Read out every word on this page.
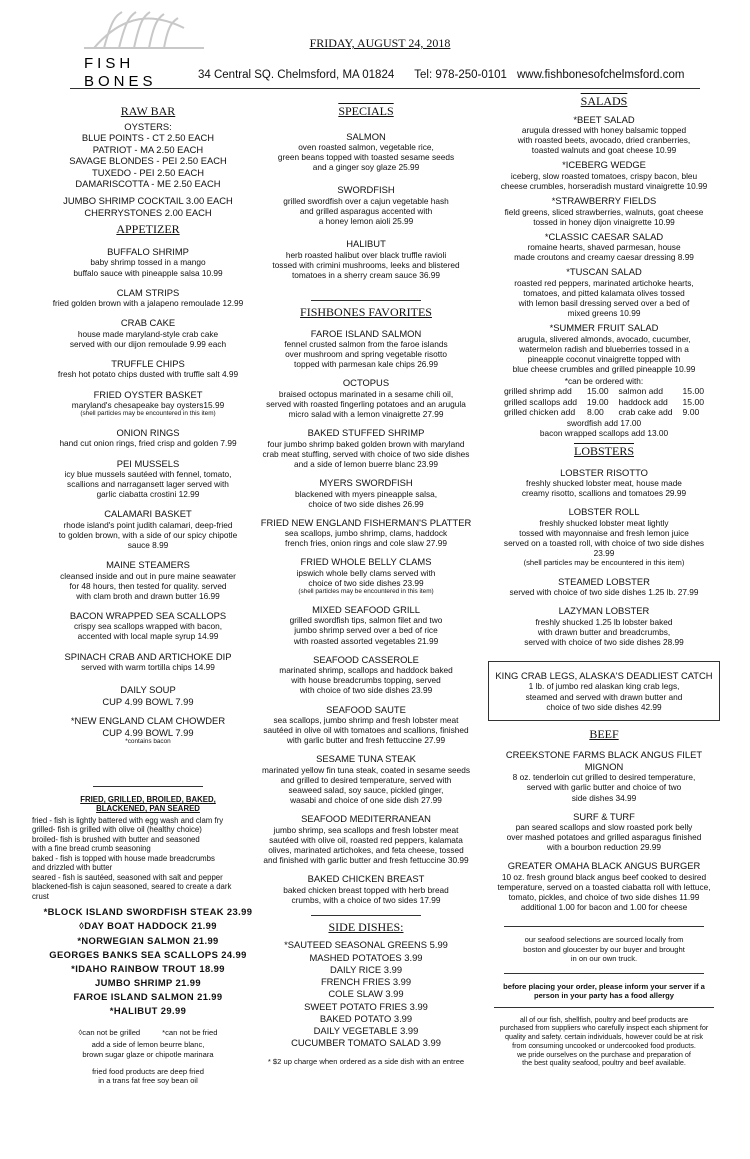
FISH
BONES
FRIDAY, AUGUST 24, 2018
34 Central SQ. Chelmsford, MA 01824 Tel: 978-250-0101 www.fishbonesofchelmsford.com
RAW BAR
OYSTERS:
BLUE POINTS - CT 2.50 EACH
PATRIOT - MA 2.50 EACH
SAVAGE BLONDES - PEI 2.50 EACH
TUXEDO - PEI 2.50 EACH
DAMARISCOTTA - ME 2.50 EACH
JUMBO SHRIMP COCKTAIL 3.00 EACH
CHERRYSTONES 2.00 EACH
APPETIZER
BUFFALO SHRIMP
baby shrimp tossed in a mango
buffalo sauce with pineapple salsa 10.99
CLAM STRIPS
fried golden brown with a jalapeno remoulade 12.99
CRAB CAKE
house made maryland-style crab cake
served with our dijon remoulade 9.99 each
TRUFFLE CHIPS
fresh hot potato chips dusted with truffle salt 4.99
FRIED OYSTER BASKET
maryland's chesapeake bay oysters15.99
(shell particles may be encountered in this item)
ONION RINGS
hand cut onion rings, fried crisp and golden 7.99
PEI MUSSELS
icy blue mussels sautéed with fennel, tomato,
scallions and narragansett lager served with
garlic ciabatta crostini 12.99
CALAMARI BASKET
rhode island's point judith calamari, deep-fried
to golden brown, with a side of our spicy chipotle
sauce 8.99
MAINE STEAMERS
cleansed inside and out in pure maine seawater
for 48 hours, then tested for quality. served
with clam broth and drawn butter 16.99
BACON WRAPPED SEA SCALLOPS
crispy sea scallops wrapped with bacon,
accented with local maple syrup 14.99
SPINACH CRAB AND ARTICHOKE DIP
served with warm tortilla chips 14.99
DAILY SOUP
CUP 4.99 BOWL 7.99
*NEW ENGLAND CLAM CHOWDER
CUP 4.99 BOWL 7.99
*contains bacon
FRIED, GRILLED, BROILED, BAKED,
BLACKENED, PAN SEARED
fried - fish is lightly battered with egg wash and clam fry
grilled- fish is grilled with olive oil (healthy choice)
broiled- fish is brushed with butter and seasoned
with a fine bread crumb seasoning
baked - fish is topped with house made breadcrumbs
and drizzled with butter
seared - fish is sautéed, seasoned with salt and pepper
blackened-fish is cajun seasoned, seared to create a dark
crust
*BLOCK ISLAND SWORDFISH STEAK 23.99
◊DAY BOAT HADDOCK 21.99
*NORWEGIAN SALMON 21.99
GEORGES BANKS SEA SCALLOPS 24.99
*IDAHO RAINBOW TROUT 18.99
JUMBO SHRIMP 21.99
FAROE ISLAND SALMON 21.99
*HALIBUT 29.99
◊can not be grilled	*can not be fried
add a side of lemon beurre blanc,
brown sugar glaze or chipotle marinara
fried food products are deep fried
in a trans fat free soy bean oil
SPECIALS
SALMON
oven roasted salmon, vegetable rice,
green beans topped with toasted sesame seeds
and a ginger soy glaze 25.99
SWORDFISH
grilled swordfish over a cajun vegetable hash
and grilled asparagus accented with
a honey lemon aioli 25.99
HALIBUT
herb roasted halibut over black truffle ravioli
tossed with crimini mushrooms, leeks and blistered
tomatoes in a sherry cream sauce 36.99
FISHBONES FAVORITES
FAROE ISLAND SALMON
fennel crusted salmon from the faroe islands
over mushroom and spring vegetable risotto
topped with parmesan kale chips 26.99
OCTOPUS
braised octopus marinated in a sesame chili oil,
served with roasted fingerling potatoes and an arugula
micro salad with a lemon vinaigrette 27.99
BAKED STUFFED SHRIMP
four jumbo shrimp baked golden brown with maryland
crab meat stuffing, served with choice of two side dishes
and a side of lemon buerre blanc 23.99
MYERS SWORDFISH
blackened with myers pineapple salsa,
choice of two side dishes 26.99
FRIED NEW ENGLAND FISHERMAN'S PLATTER
sea scallops, jumbo shrimp, clams, haddock
french fries, onion rings and cole slaw 27.99
FRIED WHOLE BELLY CLAMS
ipswich whole belly clams served with
choice of two side dishes 23.99
(shell particles may be encountered in this item)
MIXED SEAFOOD GRILL
grilled swordfish tips, salmon filet and two
jumbo shrimp served over a bed of rice
with roasted assorted vegetables 21.99
SEAFOOD CASSEROLE
marinated shrimp, scallops and haddock baked
with house breadcrumbs topping, served
with choice of two side dishes 23.99
SEAFOOD SAUTE
sea scallops, jumbo shrimp and fresh lobster meat
sautéed in olive oil with tomatoes and scallions, finished
with garlic butter and fresh fettuccine 27.99
SESAME TUNA STEAK
marinated yellow fin tuna steak, coated in sesame seeds
and grilled to desired temperature, served with
seaweed salad, soy sauce, pickled ginger,
wasabi and choice of one side dish 27.99
SEAFOOD MEDITERRANEAN
jumbo shrimp, sea scallops and fresh lobster meat
sautéed with olive oil, roasted red peppers, kalamata
olives, marinated artichokes, and feta cheese, tossed
and finished with garlic butter and fresh fettuccine 30.99
BAKED CHICKEN BREAST
baked chicken breast topped with herb bread
crumbs, with a choice of two sides 17.99
SIDE DISHES:
*SAUTEED SEASONAL GREENS 5.99
MASHED POTATOES 3.99
DAILY RICE 3.99
FRENCH FRIES 3.99
COLE SLAW 3.99
SWEET POTATO FRIES 3.99
BAKED POTATO 3.99
DAILY VEGETABLE 3.99
CUCUMBER TOMATO SALAD 3.99
* $2 up charge when ordered as a side dish with an entree
SALADS
*BEET SALAD
arugula dressed with honey balsamic topped
with roasted beets, avocado, dried cranberries,
toasted walnuts and goat cheese 10.99
*ICEBERG WEDGE
iceberg, slow roasted tomatoes, crispy bacon, bleu
cheese crumbles, horseradish mustard vinaigrette 10.99
*STRAWBERRY FIELDS
field greens, sliced strawberries, walnuts, goat cheese
tossed in honey dijon vinaigrette 10.99
*CLASSIC CAESAR SALAD
romaine hearts, shaved parmesan, house
made croutons and creamy caesar dressing 8.99
*TUSCAN SALAD
roasted red peppers, marinated artichoke hearts,
tomatoes, and pitted kalamata olives tossed
with lemon basil dressing served over a bed of
mixed greens 10.99
*SUMMER FRUIT SALAD
arugula, slivered almonds, avocado, cucumber,
watermelon radish and blueberries tossed in a
pineapple coconut vinaigrette topped with
blue cheese crumbles and grilled pineapple 10.99
*can be ordered with:
grilled shrimp add	15.00 salmon add	15.00
grilled scallops add 19.00 haddock add	15.00
grilled chicken add 8.00	crab cake add 9.00
swordfish add 17.00
bacon wrapped scallops add 13.00
LOBSTERS
LOBSTER RISOTTO
freshly shucked lobster meat, house made
creamy risotto, scallions and tomatoes 29.99
LOBSTER ROLL
freshly shucked lobster meat lightly
tossed with mayonnaise and fresh lemon juice
served on a toasted roll, with choice of two side dishes
23.99
(shell particles may be encountered in this item)
STEAMED LOBSTER
served with choice of two side dishes 1.25 lb. 27.99
LAZYMAN LOBSTER
freshly shucked 1.25 lb lobster baked
with drawn butter and breadcrumbs,
served with choice of two side dishes 28.99
KING CRAB LEGS, ALASKA'S DEADLIEST CATCH
1 lb. of jumbo red alaskan king crab legs,
steamed and served with drawn butter and
choice of two side dishes 42.99
BEEF
CREEKSTONE FARMS BLACK ANGUS FILET MIGNON
8 oz. tenderloin cut grilled to desired temperature,
served with garlic butter and choice of two
side dishes 34.99
SURF & TURF
pan seared scallops and slow roasted pork belly
over mashed potatoes and grilled asparagus finished
with a bourbon reduction 29.99
GREATER OMAHA BLACK ANGUS BURGER
10 oz. fresh ground black angus beef cooked to desired
temperature, served on a toasted ciabatta roll with lettuce,
tomato, pickles, and choice of two side dishes 11.99
additional 1.00 for bacon and 1.00 for cheese
our seafood selections are sourced locally from
boston and gloucester by our buyer and brought
in on our own truck.
before placing your order, please inform your server if a
person in your party has a food allergy
all of our fish, shellfish, poultry and beef products are
purchased from suppliers who carefully inspect each shipment for
quality and safety. certain individuals, however could be at risk
from consuming uncooked or undercooked food products.
we pride ourselves on the purchase and preparation of
the best quality seafood, poultry and beef available.
